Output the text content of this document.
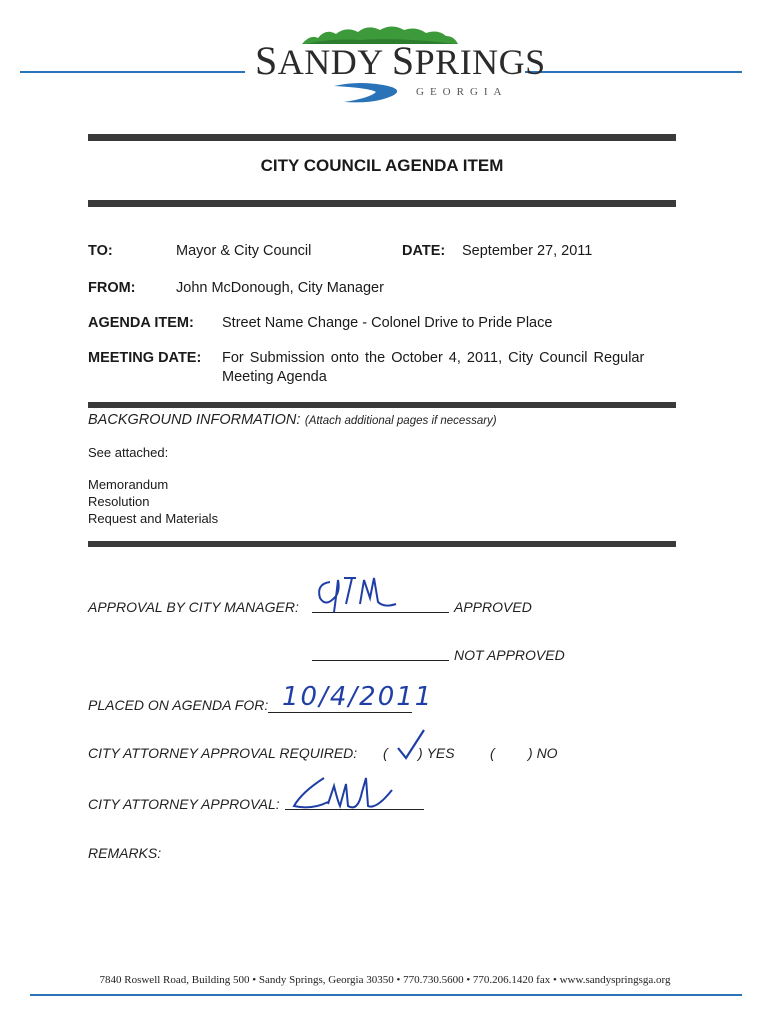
SANDY SPRINGS
GEORGIA
CITY COUNCIL AGENDA ITEM
TO:	Mayor & City Council	DATE: September 27, 2011
FROM:	John McDonough, City Manager
AGENDA ITEM: Street Name Change - Colonel Drive to Pride Place
MEETING DATE: For Submission onto the October 4, 2011, City Council Regular
Meeting Agenda
BACKGROUND INFORMATION: (Attach additional pages if necessary)
See attached:
Memorandum
Resolution
Request and Materials
APPROVAL BY CITY MANAGER:	APPROVED
NOT APPROVED
PLACED ON AGENDA FOR: 10/4/2011
CITY ATTORNEY APPROVAL REQUIRED: ( ) YES	( ) NO
CITY ATTORNEY APPROVAL:
REMARKS:
7840 Roswell Road, Building 500 • Sandy Springs, Georgia 30350 • 770.730.5600 • 770.206.1420 fax • www.sandyspringsga.org
